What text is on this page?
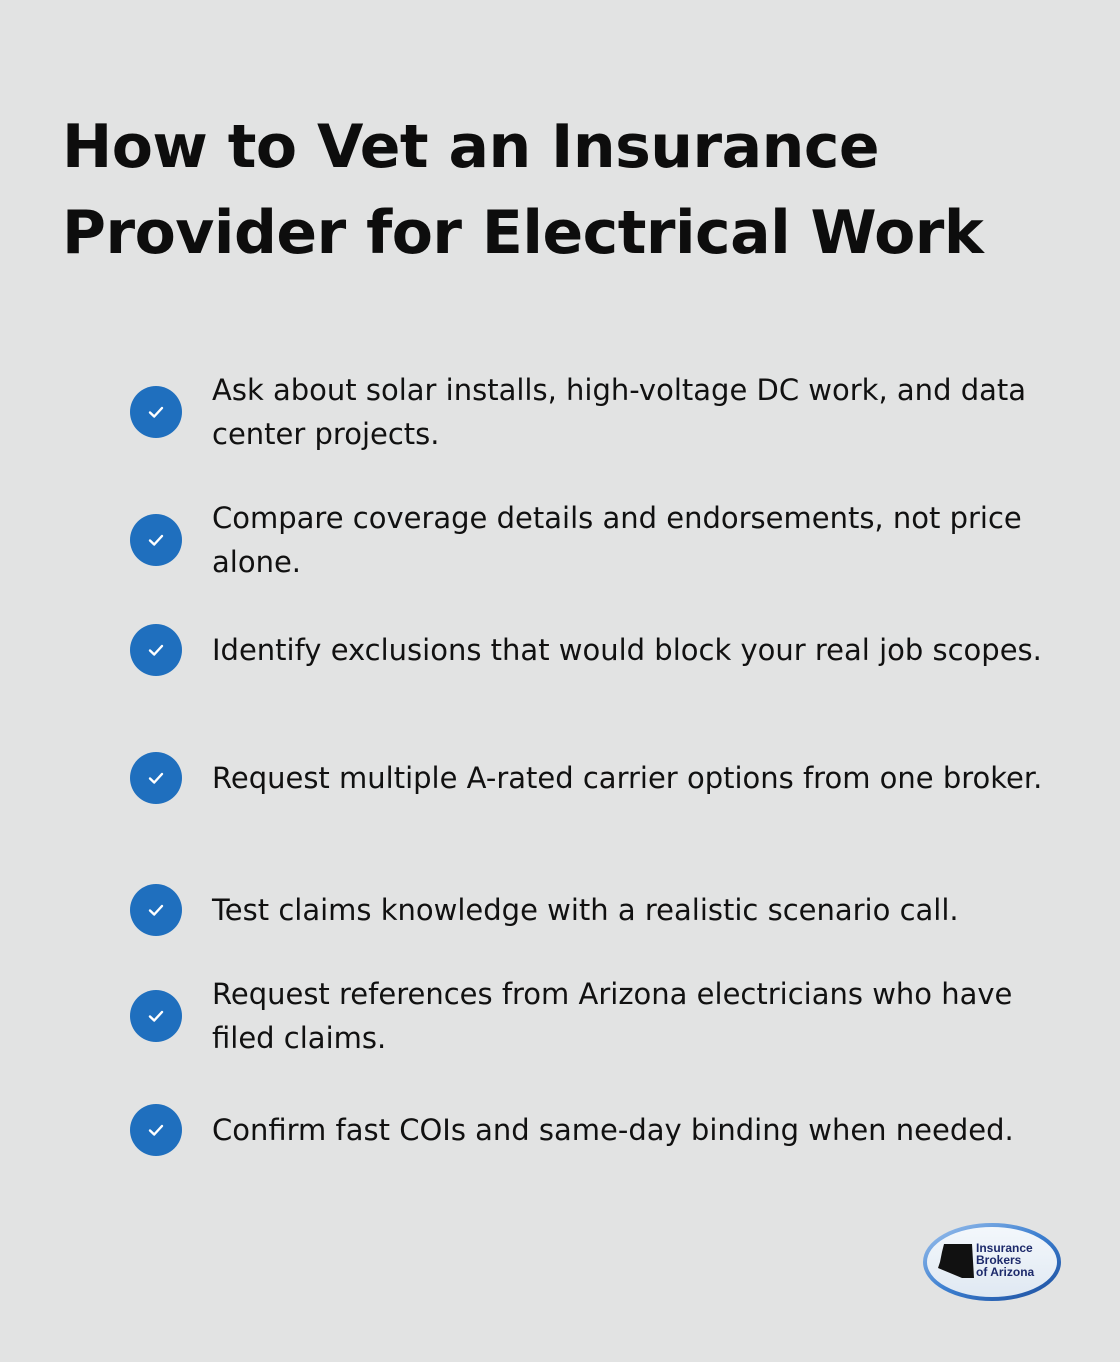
How to Vet an Insurance Provider for Electrical Work
Ask about solar installs, high-voltage DC work, and data center projects.
Compare coverage details and endorsements, not price alone.
Identify exclusions that would block your real job scopes.
Request multiple A-rated carrier options from one broker.
Test claims knowledge with a realistic scenario call.
Request references from Arizona electricians who have filed claims.
Confirm fast COIs and same-day binding when needed.
Insurance
Brokers
of Arizona
